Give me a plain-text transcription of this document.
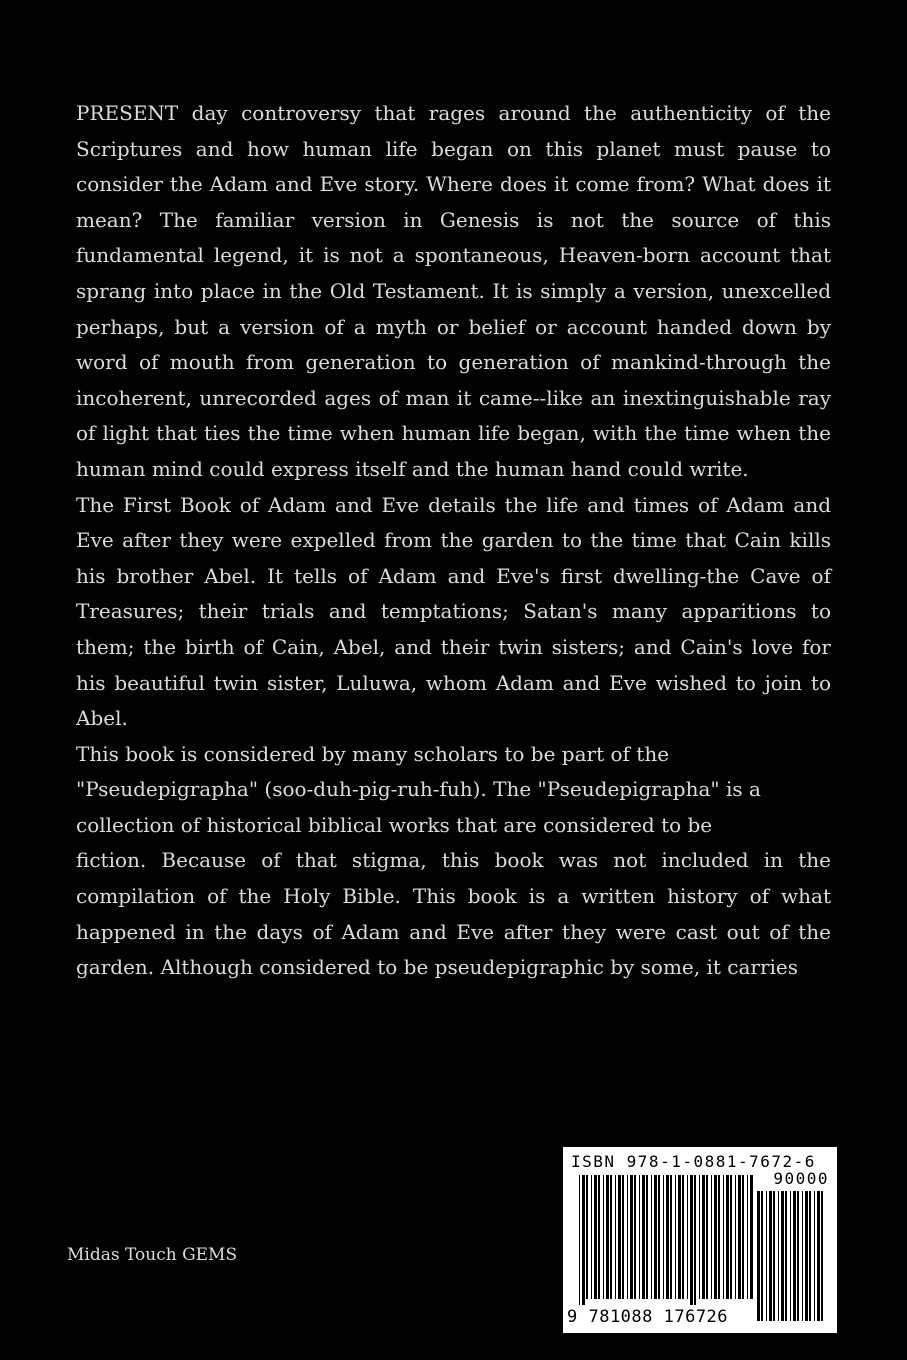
PRESENT day controversy that rages around the authenticity of the Scriptures and how human life began on this planet must pause to consider the Adam and Eve story. Where does it come from? What does it mean? The familiar version in Genesis is not the source of this fundamental legend, it is not a spontaneous, Heaven-born account that sprang into place in the Old Testament. It is simply a version, unexcelled perhaps, but a version of a myth or belief or account handed down by word of mouth from generation to generation of mankind-through the incoherent, unrecorded ages of man it came--like an inextinguishable ray of light that ties the time when human life began, with the time when the human mind could express itself and the human hand could write.

The First Book of Adam and Eve details the life and times of Adam and Eve after they were expelled from the garden to the time that Cain kills his brother Abel. It tells of Adam and Eve's first dwelling-the Cave of Treasures; their trials and temptations; Satan's many apparitions to them; the birth of Cain, Abel, and their twin sisters; and Cain's love for his beautiful twin sister, Luluwa, whom Adam and Eve wished to join to Abel.

This book is considered by many scholars to be part of the "Pseudepigrapha" (soo-duh-pig-ruh-fuh). The "Pseudepigrapha" is a collection of historical biblical works that are considered to be

fiction. Because of that stigma, this book was not included in the compilation of the Holy Bible. This book is a written history of what happened in the days of Adam and Eve after they were cast out of the garden. Although considered to be pseudepigraphic by some, it carries

Midas Touch GEMS
ISBN 978-1-0881-7672-6
90000
9 781088 176726
